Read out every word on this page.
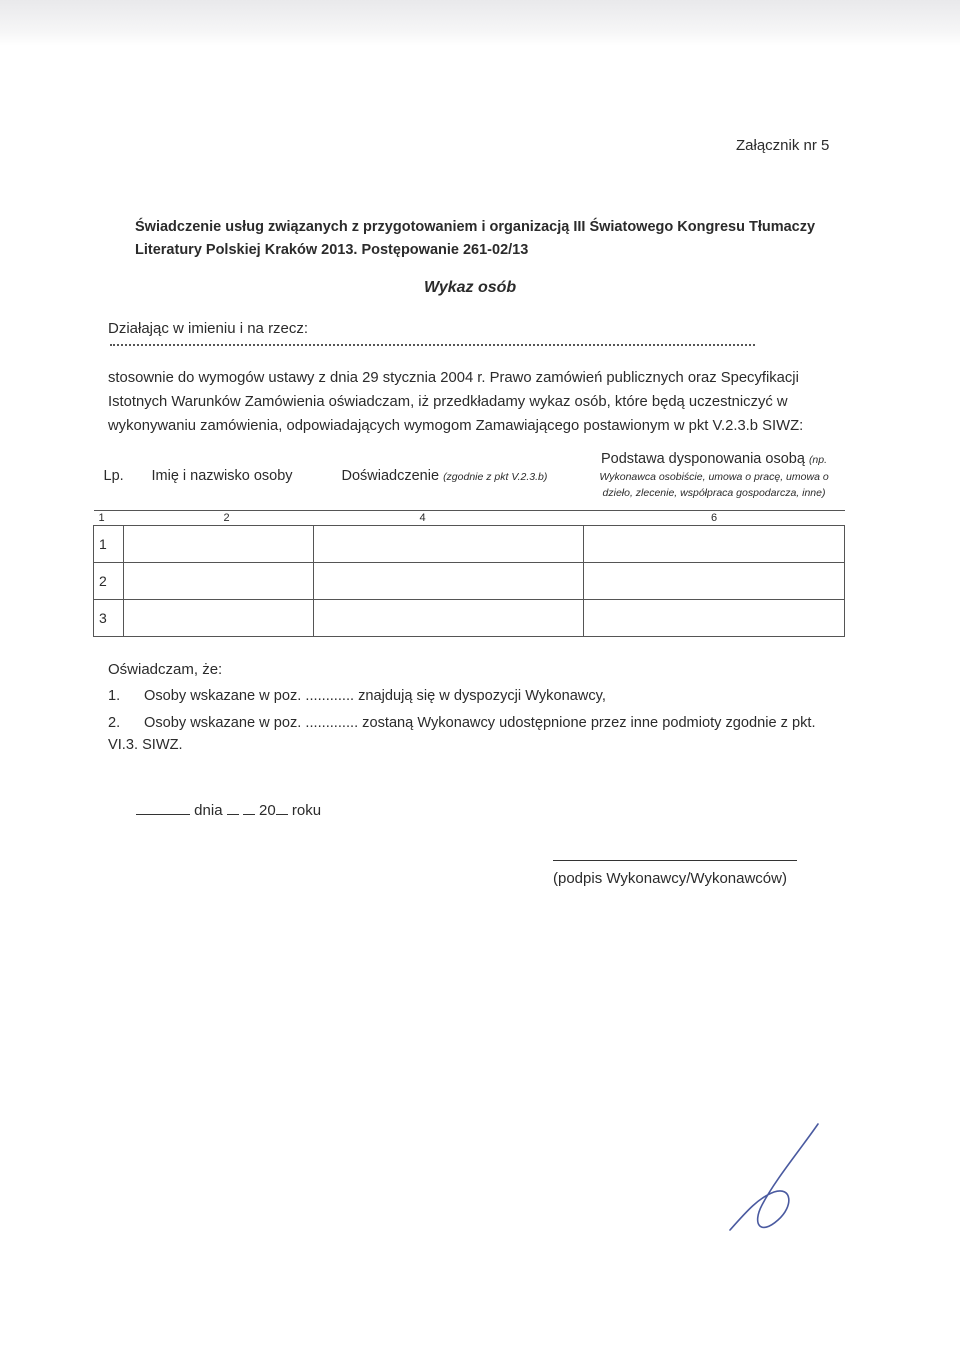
Załącznik nr 5
Świadczenie usług związanych z przygotowaniem i organizacją III Światowego Kongresu Tłumaczy
Literatury Polskiej Kraków 2013. Postępowanie 261-02/13
Wykaz osób
Działając w imieniu i na rzecz:
stosownie do wymogów ustawy z dnia 29 stycznia 2004 r. Prawo zamówień publicznych oraz Specyfikacji
Istotnych Warunków Zamówienia oświadczam, iż przedkładamy wykaz osób, które będą uczestniczyć w
wykonywaniu zamówienia, odpowiadających wymogom Zamawiającego postawionym w pkt V.2.3.b SIWZ:
Lp.	Imię i nazwisko osoby	Doświadczenie (zgodnie z pkt V.2.3.b)	Podstawa dysponowania osobą (np.
Wykonawca osobiście, umowa o pracę, umowa o dzieło, zlecenie, współpraca gospodarcza, inne)

1	2	4	6
1			
2			
3			
Oświadczam, że:
1. Osoby wskazane w poz. ............ znajdują się w dyspozycji Wykonawcy,
2. Osoby wskazane w poz. ............. zostaną Wykonawcy udostępnione przez inne podmioty zgodnie z pkt. VI.3. SIWZ.
dnia 20 roku
(podpis Wykonawcy/Wykonawców)
